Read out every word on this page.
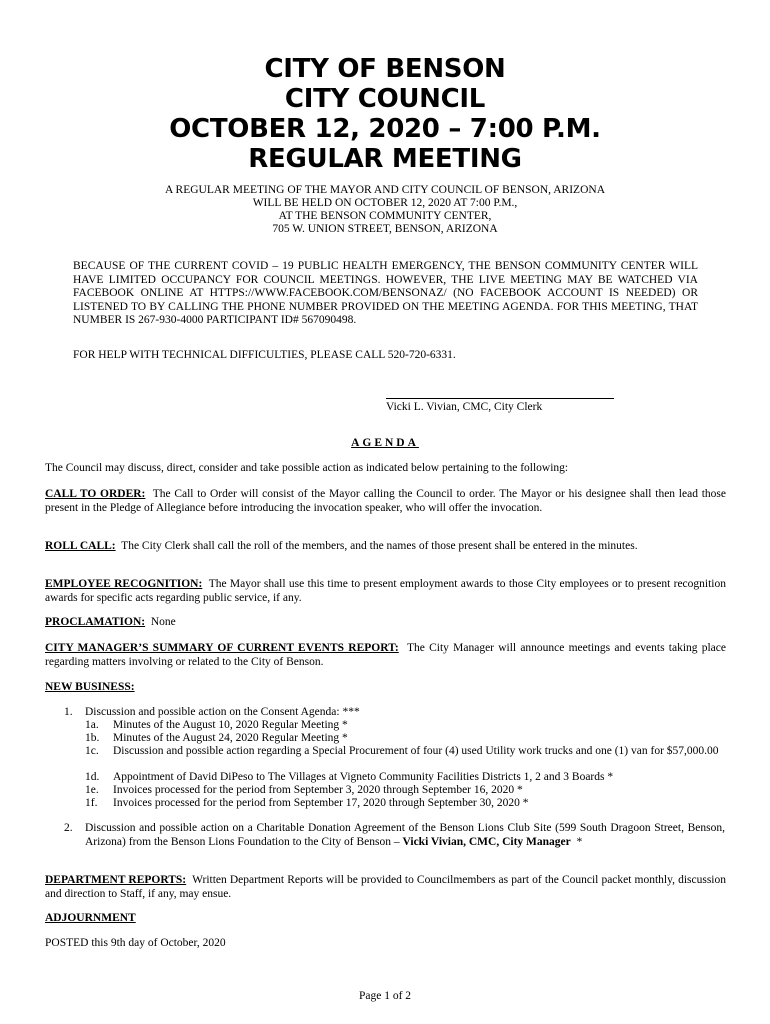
CITY OF BENSON
CITY COUNCIL
OCTOBER 12, 2020 – 7:00 P.M.
REGULAR MEETING
A REGULAR MEETING OF THE MAYOR AND CITY COUNCIL OF BENSON, ARIZONA
WILL BE HELD ON OCTOBER 12, 2020 AT 7:00 P.M.,
AT THE BENSON COMMUNITY CENTER,
705 W. UNION STREET, BENSON, ARIZONA
BECAUSE OF THE CURRENT COVID – 19 PUBLIC HEALTH EMERGENCY, THE BENSON COMMUNITY CENTER WILL HAVE LIMITED OCCUPANCY FOR COUNCIL MEETINGS. HOWEVER, THE LIVE MEETING MAY BE WATCHED VIA FACEBOOK ONLINE AT HTTPS://WWW.FACEBOOK.COM/BENSONAZ/ (NO FACEBOOK ACCOUNT IS NEEDED) OR LISTENED TO BY CALLING THE PHONE NUMBER PROVIDED ON THE MEETING AGENDA. FOR THIS MEETING, THAT NUMBER IS 267-930-4000 PARTICIPANT ID# 567090498.
FOR HELP WITH TECHNICAL DIFFICULTIES, PLEASE CALL 520-720-6331.
Vicki L. Vivian, CMC, City Clerk
AGENDA
The Council may discuss, direct, consider and take possible action as indicated below pertaining to the following:
CALL TO ORDER: The Call to Order will consist of the Mayor calling the Council to order. The Mayor or his designee shall then lead those present in the Pledge of Allegiance before introducing the invocation speaker, who will offer the invocation.
ROLL CALL: The City Clerk shall call the roll of the members, and the names of those present shall be entered in the minutes.
EMPLOYEE RECOGNITION: The Mayor shall use this time to present employment awards to those City employees or to present recognition awards for specific acts regarding public service, if any.
PROCLAMATION: None
CITY MANAGER’S SUMMARY OF CURRENT EVENTS REPORT: The City Manager will announce meetings and events taking place regarding matters involving or related to the City of Benson.
NEW BUSINESS:
1. Discussion and possible action on the Consent Agenda: ***
1a. Minutes of the August 10, 2020 Regular Meeting *
1b. Minutes of the August 24, 2020 Regular Meeting *
1c. Discussion and possible action regarding a Special Procurement of four (4) used Utility work trucks and one (1) van for $57,000.00
1d. Appointment of David DiPeso to The Villages at Vigneto Community Facilities Districts 1, 2 and 3 Boards *
1e. Invoices processed for the period from September 3, 2020 through September 16, 2020 *
1f. Invoices processed for the period from September 17, 2020 through September 30, 2020 *
2. Discussion and possible action on a Charitable Donation Agreement of the Benson Lions Club Site (599 South Dragoon Street, Benson, Arizona) from the Benson Lions Foundation to the City of Benson – Vicki Vivian, CMC, City Manager *
DEPARTMENT REPORTS: Written Department Reports will be provided to Councilmembers as part of the Council packet monthly, discussion and direction to Staff, if any, may ensue.
ADJOURNMENT
POSTED this 9th day of October, 2020
Page 1 of 2
